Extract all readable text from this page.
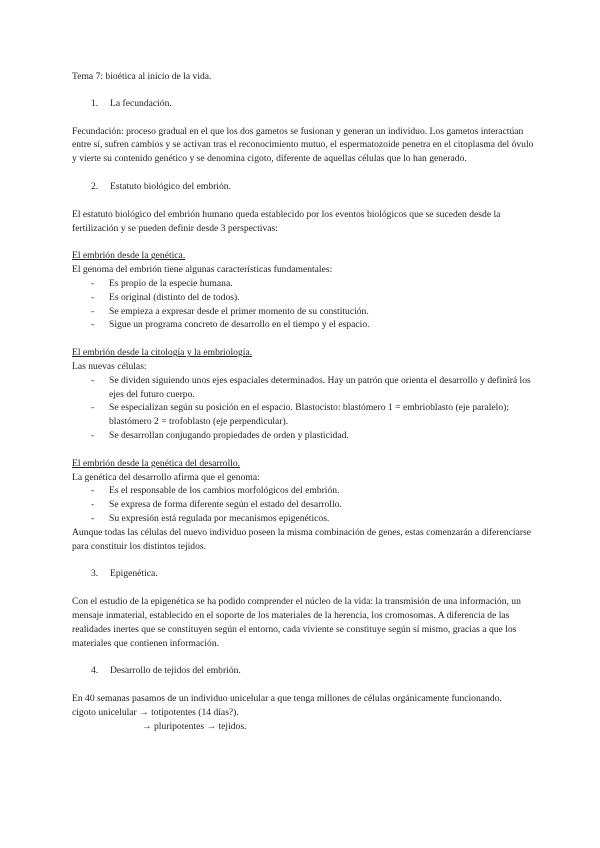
Tema 7: bioética al inicio de la vida.

1. La fecundación.

Fecundación: proceso gradual en el que los dos gametos se fusionan y generan un individuo. Los gametos interactúan entre sí, sufren cambios y se activan tras el reconocimiento mutuo, el espermatozoide penetra en el citoplasma del óvulo y vierte su contenido genético y se denomina cigoto, diferente de aquellas células que lo han generado.

2. Estatuto biológico del embrión.

El estatuto biológico del embrión humano queda establecido por los eventos biológicos que se suceden desde la fertilización y se pueden definir desde 3 perspectivas:

El embrión desde la genética.

El genoma del embrión tiene algunas características fundamentales:

- Es propio de la especie humana.
- Es original (distinto del de todos).
- Se empieza a expresar desde el primer momento de su constitución.
- Sigue un programa concreto de desarrollo en el tiempo y el espacio.

El embrión desde la citología y la embriología.

Las nuevas células:

- Se dividen siguiendo unos ejes espaciales determinados. Hay un patrón que orienta el desarrollo y definirá los ejes del futuro cuerpo.
- Se especializan según su posición en el espacio. Blastocisto: blastómero 1 = embrioblasto (eje paralelo); blastómero 2 = trofoblasto (eje perpendicular).
- Se desarrollan conjugando propiedades de orden y plasticidad.

El embrión desde la genética del desarrollo.

La genética del desarrollo afirma que el genoma:

- Es el responsable de los cambios morfológicos del embrión.
- Se expresa de forma diferente según el estado del desarrollo.
- Su expresión está regulada por mecanismos epigenéticos.

Aunque todas las células del nuevo individuo poseen la misma combinación de genes, estas comenzarán a diferenciarse para constituir los distintos tejidos.

3. Epigenética.

Con el estudio de la epigenética se ha podido comprender el núcleo de la vida: la transmisión de una información, un mensaje inmaterial, establecido en el soporte de los materiales de la herencia, los cromosomas. A diferencia de las realidades inertes que se constituyen según el entorno, cada viviente se constituye según sí mismo, gracias a que los materiales que contienen información.

4. Desarrollo de tejidos del embrión.

En 40 semanas pasamos de un individuo unicelular a que tenga millones de células orgánicamente funcionando.

cigoto unicelular → totipotentes (14 días?).

→ pluripotentes → tejidos.
